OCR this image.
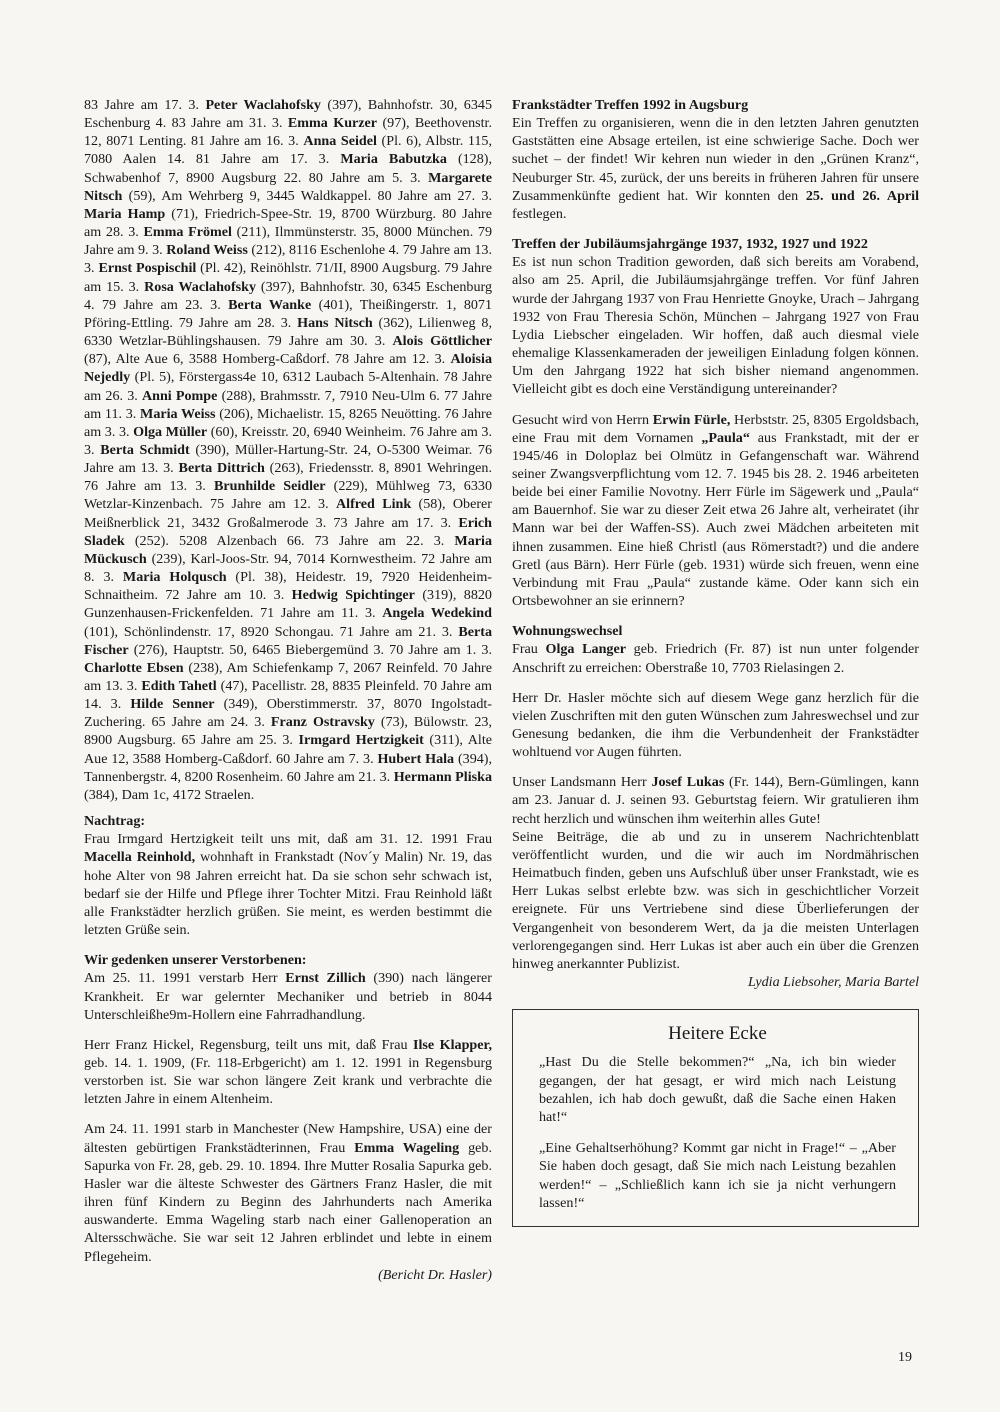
83 Jahre am 17. 3. Peter Waclahofsky (397), Bahnhofstr. 30, 6345 Eschenburg 4. 83 Jahre am 31. 3. Emma Kurzer (97), Beethovenstr. 12, 8071 Lenting. 81 Jahre am 16. 3. Anna Seidel (Pl. 6), Albstr. 115, 7080 Aalen 14. 81 Jahre am 17. 3. Maria Babutzka (128), Schwabenhof 7, 8900 Augsburg 22. 80 Jahre am 5. 3. Margarete Nitsch (59), Am Wehrberg 9, 3445 Waldkappel. 80 Jahre am 27. 3. Maria Hamp (71), Friedrich-Spee-Str. 19, 8700 Würzburg. 80 Jahre am 28. 3. Emma Frömel (211), Ilmmünsterstr. 35, 8000 München. 79 Jahre am 9. 3. Roland Weiss (212), 8116 Eschenlohe 4. 79 Jahre am 13. 3. Ernst Pospischil (Pl. 42), Reinöhlstr. 71/II, 8900 Augsburg. 79 Jahre am 15. 3. Rosa Waclahofsky (397), Bahnhofstr. 30, 6345 Eschenburg 4. 79 Jahre am 23. 3. Berta Wanke (401), Theißingerstr. 1, 8071 Pföring-Ettling. 79 Jahre am 28. 3. Hans Nitsch (362), Lilienweg 8, 6330 Wetzlar-Bühlingshausen. 79 Jahre am 30. 3. Alois Göttlicher (87), Alte Aue 6, 3588 Homberg-Caßdorf. 78 Jahre am 12. 3. Aloisia Nejedly (Pl. 5), Förstergass4e 10, 6312 Laubach 5-Altenhain. 78 Jahre am 26. 3. Anni Pompe (288), Brahmsstr. 7, 7910 Neu-Ulm 6. 77 Jahre am 11. 3. Maria Weiss (206), Michaelistr. 15, 8265 Neuötting. 76 Jahre am 3. 3. Olga Müller (60), Kreisstr. 20, 6940 Weinheim. 76 Jahre am 3. 3. Berta Schmidt (390), Müller-Hartung-Str. 24, O-5300 Weimar. 76 Jahre am 13. 3. Berta Dittrich (263), Friedensstr. 8, 8901 Wehringen. 76 Jahre am 13. 3. Brunhilde Seidler (229), Mühlweg 73, 6330 Wetzlar-Kinzenbach. 75 Jahre am 12. 3. Alfred Link (58), Oberer Meißnerblick 21, 3432 Großalmerode 3. 73 Jahre am 17. 3. Erich Sladek (252). 5208 Alzenbach 66. 73 Jahre am 22. 3. Maria Mückusch (239), Karl-Joos-Str. 94, 7014 Kornwestheim. 72 Jahre am 8. 3. Maria Holqusch (Pl. 38), Heidestr. 19, 7920 Heidenheim-Schnaitheim. 72 Jahre am 10. 3. Hedwig Spichtinger (319), 8820 Gunzenhausen-Frickenfelden. 71 Jahre am 11. 3. Angela Wedekind (101), Schönlindenstr. 17, 8920 Schongau. 71 Jahre am 21. 3. Berta Fischer (276), Hauptstr. 50, 6465 Biebergemünd 3. 70 Jahre am 1. 3. Charlotte Ebsen (238), Am Schiefenkamp 7, 2067 Reinfeld. 70 Jahre am 13. 3. Edith Tahetl (47), Pacellistr. 28, 8835 Pleinfeld. 70 Jahre am 14. 3. Hilde Senner (349), Oberstimmerstr. 37, 8070 Ingolstadt-Zuchering. 65 Jahre am 24. 3. Franz Ostravsky (73), Bülowstr. 23, 8900 Augsburg. 65 Jahre am 25. 3. Irmgard Hertzigkeit (311), Alte Aue 12, 3588 Homberg-Caßdorf. 60 Jahre am 7. 3. Hubert Hala (394), Tannenbergstr. 4, 8200 Rosenheim. 60 Jahre am 21. 3. Hermann Pliska (384), Dam 1c, 4172 Straelen.

Nachtrag:

Frau Irmgard Hertzigkeit teilt uns mit, daß am 31. 12. 1991 Frau Macella Reinhold, wohnhaft in Frankstadt (Nov´y Malin) Nr. 19, das hohe Alter von 98 Jahren erreicht hat. Da sie schon sehr schwach ist, bedarf sie der Hilfe und Pflege ihrer Tochter Mitzi. Frau Reinhold läßt alle Frankstädter herzlich grüßen. Sie meint, es werden bestimmt die letzten Grüße sein.

Wir gedenken unserer Verstorbenen:

Am 25. 11. 1991 verstarb Herr Ernst Zillich (390) nach längerer Krankheit. Er war gelernter Mechaniker und betrieb in 8044 Unterschleißhe9m-Hollern eine Fahrradhandlung.

Herr Franz Hickel, Regensburg, teilt uns mit, daß Frau Ilse Klapper, geb. 14. 1. 1909, (Fr. 118-Erbgericht) am 1. 12. 1991 in Regensburg verstorben ist. Sie war schon längere Zeit krank und verbrachte die letzten Jahre in einem Altenheim.

Am 24. 11. 1991 starb in Manchester (New Hampshire, USA) eine der ältesten gebürtigen Frankstädterinnen, Frau Emma Wageling geb. Sapurka von Fr. 28, geb. 29. 10. 1894. Ihre Mutter Rosalia Sapurka geb. Hasler war die älteste Schwester des Gärtners Franz Hasler, die mit ihren fünf Kindern zu Beginn des Jahrhunderts nach Amerika auswanderte. Emma Wageling starb nach einer Gallenoperation an Altersschwäche. Sie war seit 12 Jahren erblindet und lebte in einem Pflegeheim.

(Bericht Dr. Hasler)

Frankstädter Treffen 1992 in Augsburg

Ein Treffen zu organisieren, wenn die in den letzten Jahren genutzten Gaststätten eine Absage erteilen, ist eine schwierige Sache. Doch wer suchet – der findet! Wir kehren nun wieder in den „Grünen Kranz“, Neuburger Str. 45, zurück, der uns bereits in früheren Jahren für unsere Zusammenkünfte gedient hat. Wir konnten den 25. und 26. April festlegen.

Treffen der Jubiläumsjahrgänge 1937, 1932, 1927 und 1922

Es ist nun schon Tradition geworden, daß sich bereits am Vorabend, also am 25. April, die Jubiläumsjahrgänge treffen. Vor fünf Jahren wurde der Jahrgang 1937 von Frau Henriette Gnoyke, Urach – Jahrgang 1932 von Frau Theresia Schön, München – Jahrgang 1927 von Frau Lydia Liebscher eingeladen. Wir hoffen, daß auch diesmal viele ehemalige Klassenkameraden der jeweiligen Einladung folgen können. Um den Jahrgang 1922 hat sich bisher niemand angenommen. Vielleicht gibt es doch eine Verständigung untereinander?

Gesucht wird von Herrn Erwin Fürle, Herbststr. 25, 8305 Ergoldsbach, eine Frau mit dem Vornamen „Paula“ aus Frankstadt, mit der er 1945/46 in Doloplaz bei Olmütz in Gefangenschaft war. Während seiner Zwangsverpflichtung vom 12. 7. 1945 bis 28. 2. 1946 arbeiteten beide bei einer Familie Novotny. Herr Fürle im Sägewerk und „Paula“ am Bauernhof. Sie war zu dieser Zeit etwa 26 Jahre alt, verheiratet (ihr Mann war bei der Waffen-SS). Auch zwei Mädchen arbeiteten mit ihnen zusammen. Eine hieß Christl (aus Römerstadt?) und die andere Gretl (aus Bärn). Herr Fürle (geb. 1931) würde sich freuen, wenn eine Verbindung mit Frau „Paula“ zustande käme. Oder kann sich ein Ortsbewohner an sie erinnern?

Wohnungswechsel

Frau Olga Langer geb. Friedrich (Fr. 87) ist nun unter folgender Anschrift zu erreichen: Oberstraße 10, 7703 Rielasingen 2.

Herr Dr. Hasler möchte sich auf diesem Wege ganz herzlich für die vielen Zuschriften mit den guten Wünschen zum Jahreswechsel und zur Genesung bedanken, die ihm die Verbundenheit der Frankstädter wohltuend vor Augen führten.

Unser Landsmann Herr Josef Lukas (Fr. 144), Bern-Gümlingen, kann am 23. Januar d. J. seinen 93. Geburtstag feiern. Wir gratulieren ihm recht herzlich und wünschen ihm weiterhin alles Gute!

Seine Beiträge, die ab und zu in unserem Nachrichtenblatt veröffentlicht wurden, und die wir auch im Nordmährischen Heimatbuch finden, geben uns Aufschluß über unser Frankstadt, wie es Herr Lukas selbst erlebte bzw. was sich in geschichtlicher Vorzeit ereignete. Für uns Vertriebene sind diese Überlieferungen der Vergangenheit von besonderem Wert, da ja die meisten Unterlagen verlorengegangen sind. Herr Lukas ist aber auch ein über die Grenzen hinweg anerkannter Publizist.

Lydia Liebsoher, Maria Bartel

Heitere Ecke

„Hast Du die Stelle bekommen?“ „Na, ich bin wieder gegangen, der hat gesagt, er wird mich nach Leistung bezahlen, ich hab doch gewußt, daß die Sache einen Haken hat!“

„Eine Gehaltserhöhung? Kommt gar nicht in Frage!“ – „Aber Sie haben doch gesagt, daß Sie mich nach Leistung bezahlen werden!“ – „Schließlich kann ich sie ja nicht verhungern lassen!“

19
